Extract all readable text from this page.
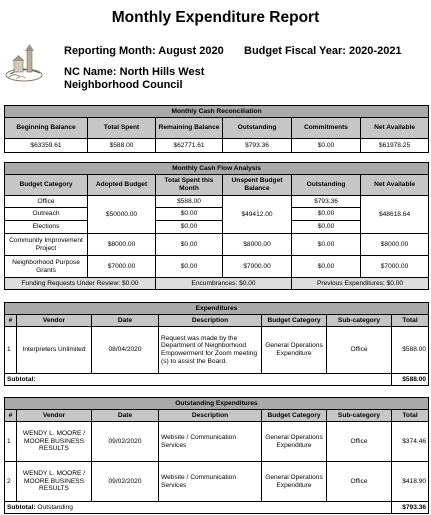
Monthly Expenditure Report
Reporting Month: August 2020 Budget Fiscal Year: 2020-2021
NC Name: North Hills West
Neighborhood Council
Monthly Cash Reconciliation					
Beginning Balance	Total Spent	Remaining Balance	Outstanding	Commitments	Net Available
$63359.61	$588.00	$62771.61	$793.36	$0.00	$61978.25
Monthly Cash Flow Analysis					
Budget Category	Adopted Budget	Total Spent this Month	Unspent Budget Balance	Outstanding	Net Available
Office	$50000.00	$588.00	$49412.00	$793.36	$48618.64
Outreach		$0.00		$0.00	
Elections		$0.00		$0.00	
Community Improvement Project	$8000.00	$0.00	$8000.00	$0.00	$8000.00
Neighborhood Purpose Grants	$7000.00	$0.00	$7000.00	$0.00	$7000.00
Funding Requests Under Review: $0.00		Encumbrances: $0.00		Previous Expenditures: $0.00	
Expenditures						
#	Vendor	Date	Description	Budget Category	Sub-category	Total
1	Interpreters Unlimited	08/04/2020	Request was made by the Department of Neighborhood Empowerment for Zoom meeting (s) to assist the Board.	General Operations Expenditure	Office	$588.00
Subtotal:						$588.00
Outstanding Expenditures						
#	Vendor	Date	Description	Budget Category	Sub-category	Total
1	WENDY L. MOORE / MOORE BUSINESS RESULTS	09/02/2020	Website / Communication Services	General Operations Expenditure	Office	$374.46
2	WENDY L. MOORE / MOORE BUSINESS RESULTS	09/02/2020	Website / Communication Services	General Operations Expenditure	Office	$418.90
Subtotal: Outstanding						$793.36
